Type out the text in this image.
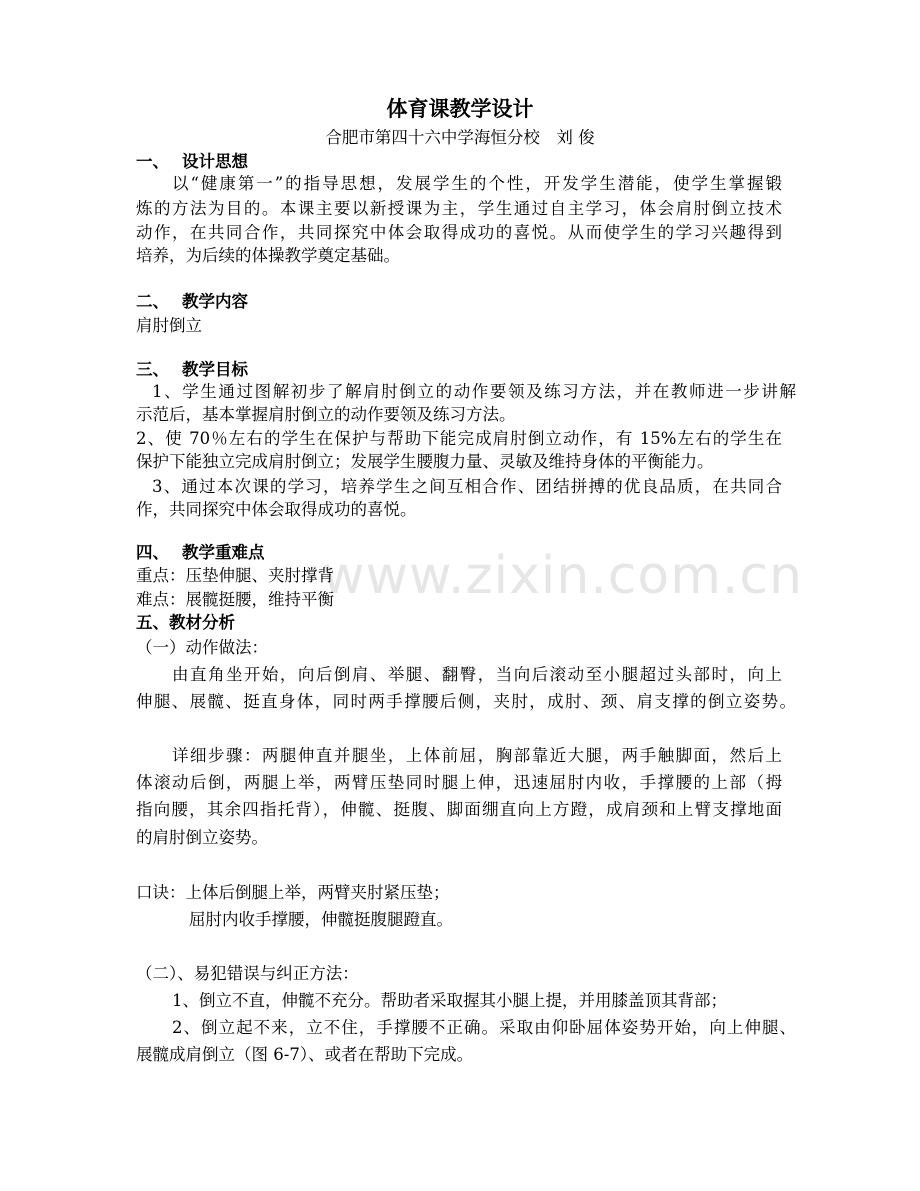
www.zixin.com.cn
体育课教学设计
合肥市第四十六中学海恒分校　刘 俊
一、 设计思想
以“健康第一”的指导思想，发展学生的个性，开发学生潜能，使学生掌握锻
炼的方法为目的。本课主要以新授课为主，学生通过自主学习，体会肩肘倒立技术
动作，在共同合作，共同探究中体会取得成功的喜悦。从而使学生的学习兴趣得到
培养，为后续的体操教学奠定基础。
二、 教学内容
肩肘倒立
三、 教学目标
1、学生通过图解初步了解肩肘倒立的动作要领及练习方法，并在教师进一步讲解
示范后，基本掌握肩肘倒立的动作要领及练习方法。
2、使 70％左右的学生在保护与帮助下能完成肩肘倒立动作，有 15%左右的学生在
保护下能独立完成肩肘倒立；发展学生腰腹力量、灵敏及维持身体的平衡能力。
3、通过本次课的学习，培养学生之间互相合作、团结拼搏的优良品质，在共同合
作，共同探究中体会取得成功的喜悦。
四、 教学重难点
重点：压垫伸腿、夹肘撑背
难点：展髋挺腰，维持平衡
五、教材分析
（一）动作做法：
由直角坐开始，向后倒肩、举腿、翻臀，当向后滚动至小腿超过头部时，向上
伸腿、展髋、挺直身体，同时两手撑腰后侧，夹肘，成肘、颈、肩支撑的倒立姿势。
详细步骤：两腿伸直并腿坐，上体前屈，胸部靠近大腿，两手触脚面，然后上
体滚动后倒，两腿上举，两臂压垫同时腿上伸，迅速屈肘内收，手撑腰的上部（拇
指向腰，其余四指托背），伸髋、挺腹、脚面绷直向上方蹬，成肩颈和上臂支撑地面
的肩肘倒立姿势。
口诀：上体后倒腿上举，两臂夹肘紧压垫；
屈肘内收手撑腰，伸髋挺腹腿蹬直。
（二）、易犯错误与纠正方法：
1、倒立不直，伸髋不充分。帮助者采取握其小腿上提，并用膝盖顶其背部；
2、倒立起不来，立不住，手撑腰不正确。采取由仰卧屈体姿势开始，向上伸腿、
展髋成肩倒立（图 6-7）、或者在帮助下完成。
